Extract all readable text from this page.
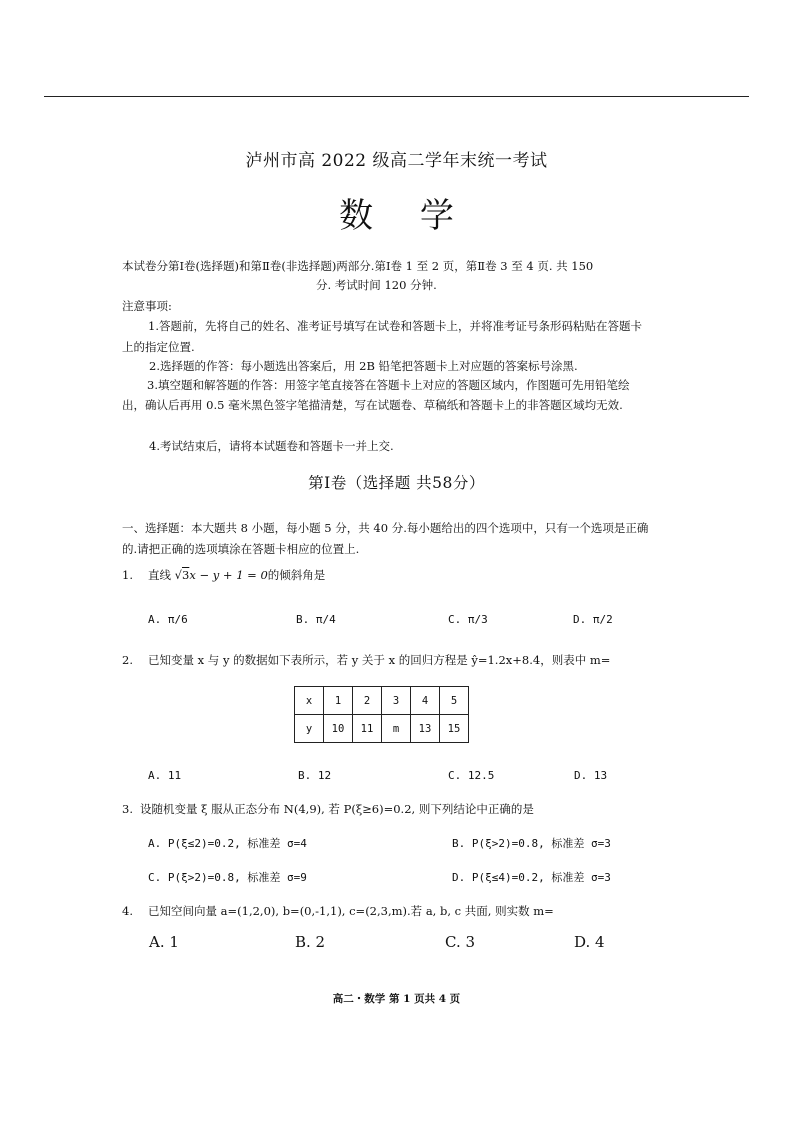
泸州市高 2022 级高二学年末统一考试
数 学
本试卷分第Ⅰ卷(选择题)和第Ⅱ卷(非选择题)两部分.第Ⅰ卷 1 至 2 页，第Ⅱ卷 3 至 4 页. 共 150
分. 考试时间 120 分钟.
注意事项:
1.答题前，先将自己的姓名、准考证号填写在试卷和答题卡上，并将准考证号条形码粘贴在答题卡上的指定位置.
2.选择题的作答：每小题选出答案后，用 2B 铅笔把答题卡上对应题的答案标号涂黑.
3.填空题和解答题的作答：用签字笔直接答在答题卡上对应的答题区域内，作图题可先用铅笔绘出，确认后再用 0.5 毫米黑色签字笔描清楚，写在试题卷、草稿纸和答题卡上的非答题区域均无效.
4.考试结束后，请将本试题卷和答题卡一并上交.
第Ⅰ卷（选择题 共58分）
一、选择题：本大题共 8 小题，每小题 5 分，共 40 分.每小题给出的四个选项中，只有一个选项是正确的.请把正确的选项填涂在答题卡相应的位置上.
1. 直线 √3x − y + 1 = 0的倾斜角是
A. π/6	B. π/4	C. π/3	D. π/2
2. 已知变量 x 与 y 的数据如下表所示，若 y 关于 x 的回归方程是 ŷ=1.2x+8.4，则表中 m=
x	1	2	3	4	5
y	10	11	m	13	15
A. 11	B. 12	C. 12.5	D. 13
3. 设随机变量 ξ 服从正态分布 N(4,9), 若 P(ξ≥6)=0.2, 则下列结论中正确的是
A. P(ξ≤2)=0.2, 标准差 σ=4	B. P(ξ>2)=0.8, 标准差 σ=3
C. P(ξ>2)=0.8, 标准差 σ=9	D. P(ξ≤4)=0.2, 标准差 σ=3
4. 已知空间向量 a=(1,2,0), b=(0,-1,1), c=(2,3,m).若 a, b, c 共面, 则实数 m=
A. 1	B. 2	C. 3	D. 4
高二・数学 第 1 页共 4 页
